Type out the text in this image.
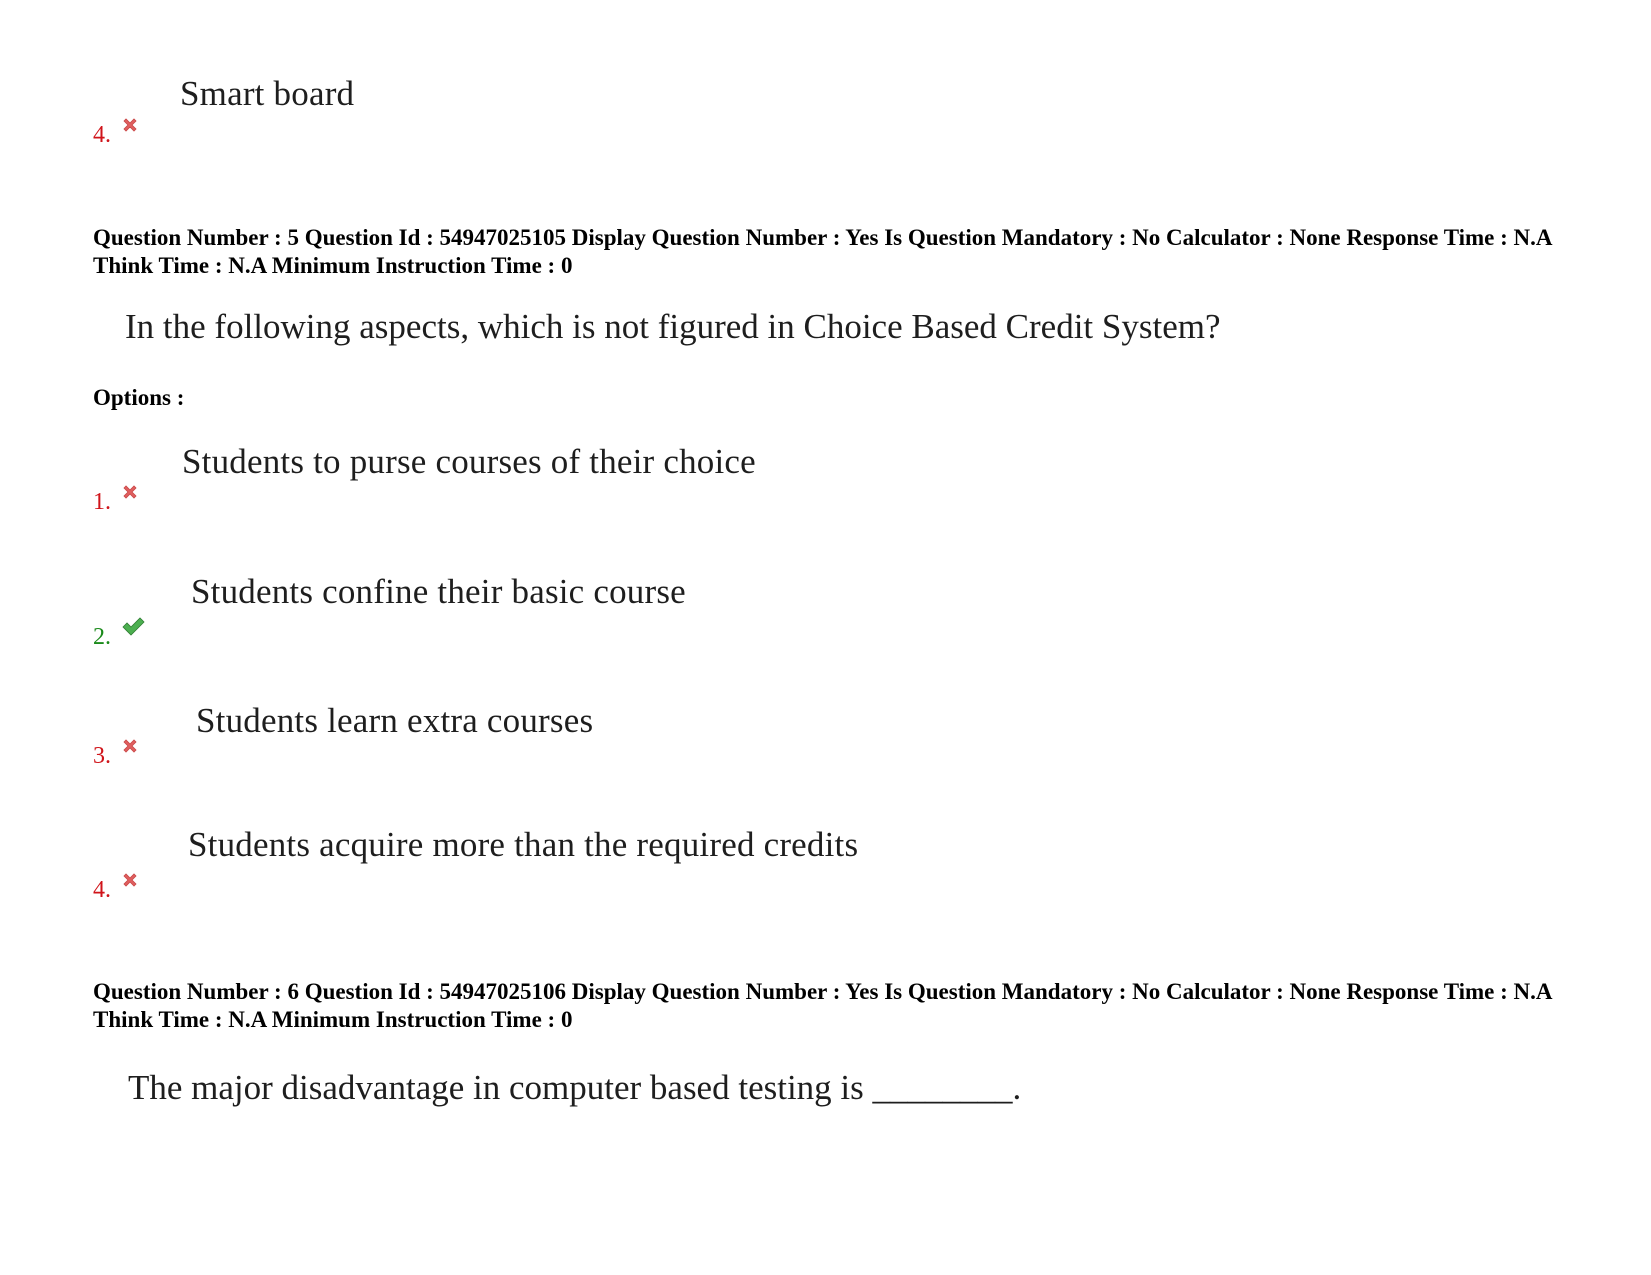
Smart board
4.
Question Number : 5 Question Id : 54947025105 Display Question Number : Yes Is Question Mandatory : No Calculator : None Response Time : N.A Think Time : N.A Minimum Instruction Time : 0
In the following aspects, which is not figured in Choice Based Credit System?
Options :
Students to purse courses of their choice
1.
Students confine their basic course
2.
Students learn extra courses
3.
Students acquire more than the required credits
4.
Question Number : 6 Question Id : 54947025106 Display Question Number : Yes Is Question Mandatory : No Calculator : None Response Time : N.A Think Time : N.A Minimum Instruction Time : 0
The major disadvantage in computer based testing is ________.
